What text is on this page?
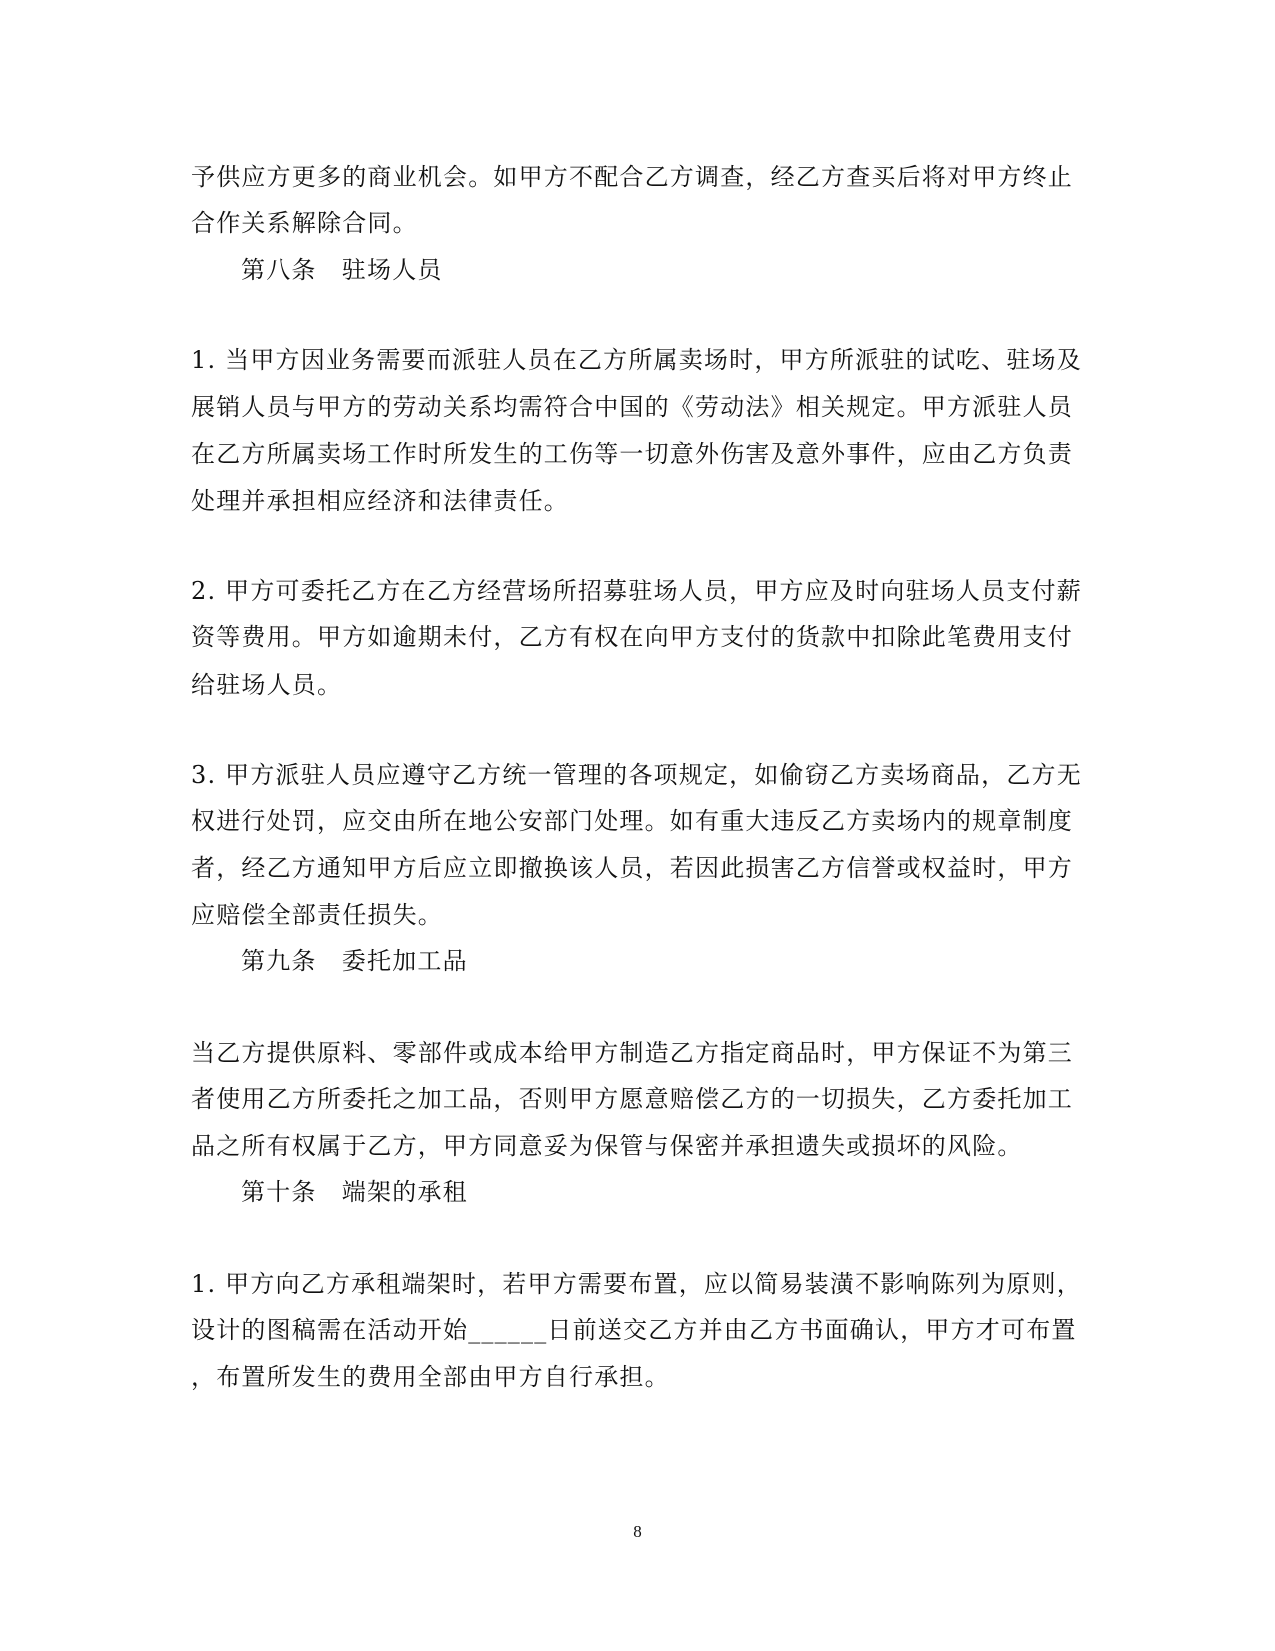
予供应方更多的商业机会。如甲方不配合乙方调查，经乙方查买后将对甲方终止
合作关系解除合同。
第八条　驻场人员
1. 当甲方因业务需要而派驻人员在乙方所属卖场时，甲方所派驻的试吃、驻场及
展销人员与甲方的劳动关系均需符合中国的《劳动法》相关规定。甲方派驻人员
在乙方所属卖场工作时所发生的工伤等一切意外伤害及意外事件，应由乙方负责
处理并承担相应经济和法律责任。
2. 甲方可委托乙方在乙方经营场所招募驻场人员，甲方应及时向驻场人员支付薪
资等费用。甲方如逾期未付，乙方有权在向甲方支付的货款中扣除此笔费用支付
给驻场人员。
3. 甲方派驻人员应遵守乙方统一管理的各项规定，如偷窃乙方卖场商品，乙方无
权进行处罚，应交由所在地公安部门处理。如有重大违反乙方卖场内的规章制度
者，经乙方通知甲方后应立即撤换该人员，若因此损害乙方信誉或权益时，甲方
应赔偿全部责任损失。
第九条　委托加工品
当乙方提供原料、零部件或成本给甲方制造乙方指定商品时，甲方保证不为第三
者使用乙方所委托之加工品，否则甲方愿意赔偿乙方的一切损失，乙方委托加工
品之所有权属于乙方，甲方同意妥为保管与保密并承担遗失或损坏的风险。
第十条　端架的承租
1. 甲方向乙方承租端架时，若甲方需要布置，应以简易装潢不影响陈列为原则，
设计的图稿需在活动开始______日前送交乙方并由乙方书面确认，甲方才可布置
，布置所发生的费用全部由甲方自行承担。
8
